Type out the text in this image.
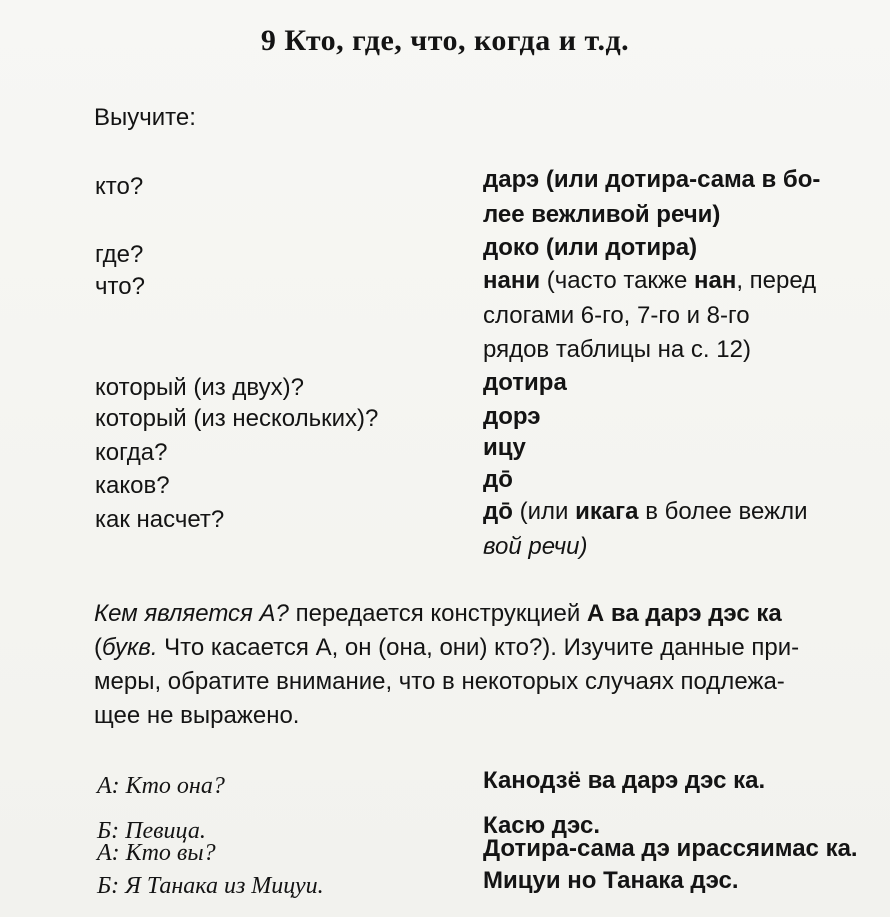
9 Кто, где, что, когда и т.д.
Выучите:
кто?	дарэ (или дотира-сама в бо-
лее вежливой речи)
где?	доко (или дотира)
что?	нани (часто также нан, перед
слогами 6-го, 7-го и 8-го
рядов таблицы на с. 12)
который (из двух)?	дотира
который (из нескольких)?	дорэ
когда?	ицу
каков?	дō
как насчет?	дō (или икага в более вежли
вой речи)
Кем является А? передается конструкцией А ва дарэ дэс ка
(букв. Что касается А, он (она, они) кто?). Изучите данные при-
меры, обратите внимание, что в некоторых случаях подлежа-
щее не выражено.
А: Кто она?	Канодзё ва дарэ дэс ка.
Б: Певица.	Касю дэс.
А: Кто вы?	Дотира-сама дэ ирассяимас ка.
Б: Я Танака из Мицуи.	Мицуи но Танака дэс.
